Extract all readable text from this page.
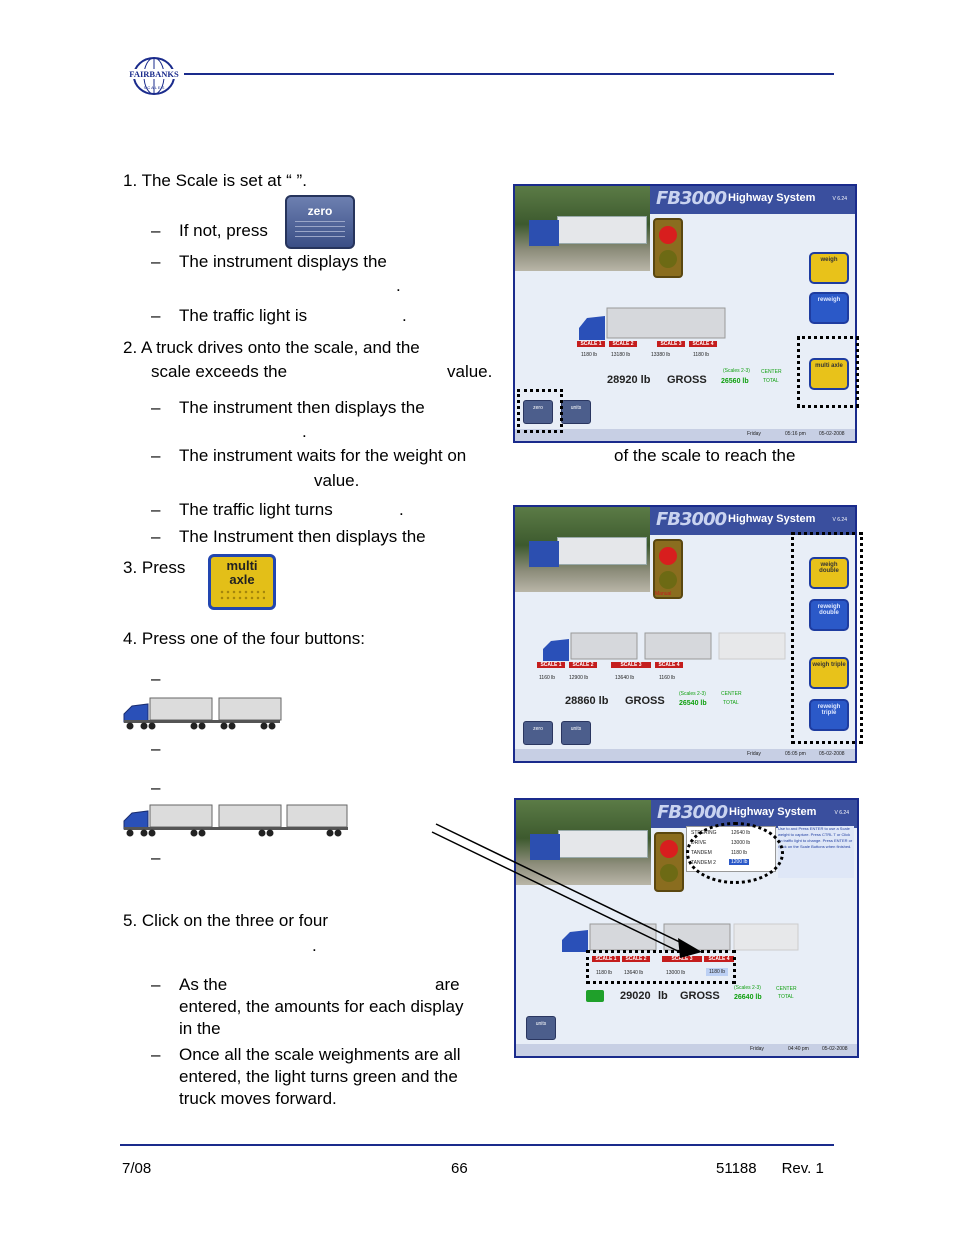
FAIRBANKS
S C A L E S
1. The Scale is set at “ ”.
– If not, press
zero
– The instrument displays the
.
– The traffic light is	.
2. A truck drives onto the scale, and the
scale exceeds the	value.
– The instrument then displays the
.
– The instrument waits for the weight on	of the scale to reach the
value.
– The traffic light turns	.
– The Instrument then displays the
3. Press	multi
axle
4. Press one of the four buttons:
–
–
–
–
5. Click on the three or four
.
– As the	are
entered, the amounts for each display
in the
– Once all the scale weighments are all
entered, the light turns green and the
truck moves forward.
FB3000 Highway System	V 6.24
SCALE 1	SCALE 2	SCALE 3	SCALE 4
1180 lb	13180 lb	13380 lb	1180 lb
28920 lb GROSS
(Scales 2-3)
26560 lb
CENTER
TOTAL
weigh
reweigh
multi axle
zero	units
Friday	05:16 pm	05-02-2008
FB3000 Highway System	V 6.24
Manual
SCALE 1	SCALE 2	SCALE 3	SCALE 4
1160 lb	12900 lb	13640 lb	1160 lb
28860 lb GROSS
(Scales 2-3)
26540 lb
CENTER
TOTAL
weigh double
reweigh double
weigh triple
reweigh triple
zero	units
Friday	05:05 pm	05-02-2008
FB3000 Highway System	V 6.24
STEERING	12640 lb
DRIVE	13000 lb
TANDEM	1180 lb
TANDEM 2	1200 lb
Use to and Press ENTER to use a Scale weight to capture. Press CTRL T or Click on traffic light to change. Press ENTER or Click on the Scale Buttons when finished.
SCALE 1	SCALE 2	SCALE 3	SCALE 4
1180 lb 13640 lb	13000 lb	1180 lb
29020 lb GROSS
(Scales 2-3)
26640 lb
CENTER
TOTAL
units
Friday	04:40 pm	05-02-2008
7/08	66	51188      Rev. 1
